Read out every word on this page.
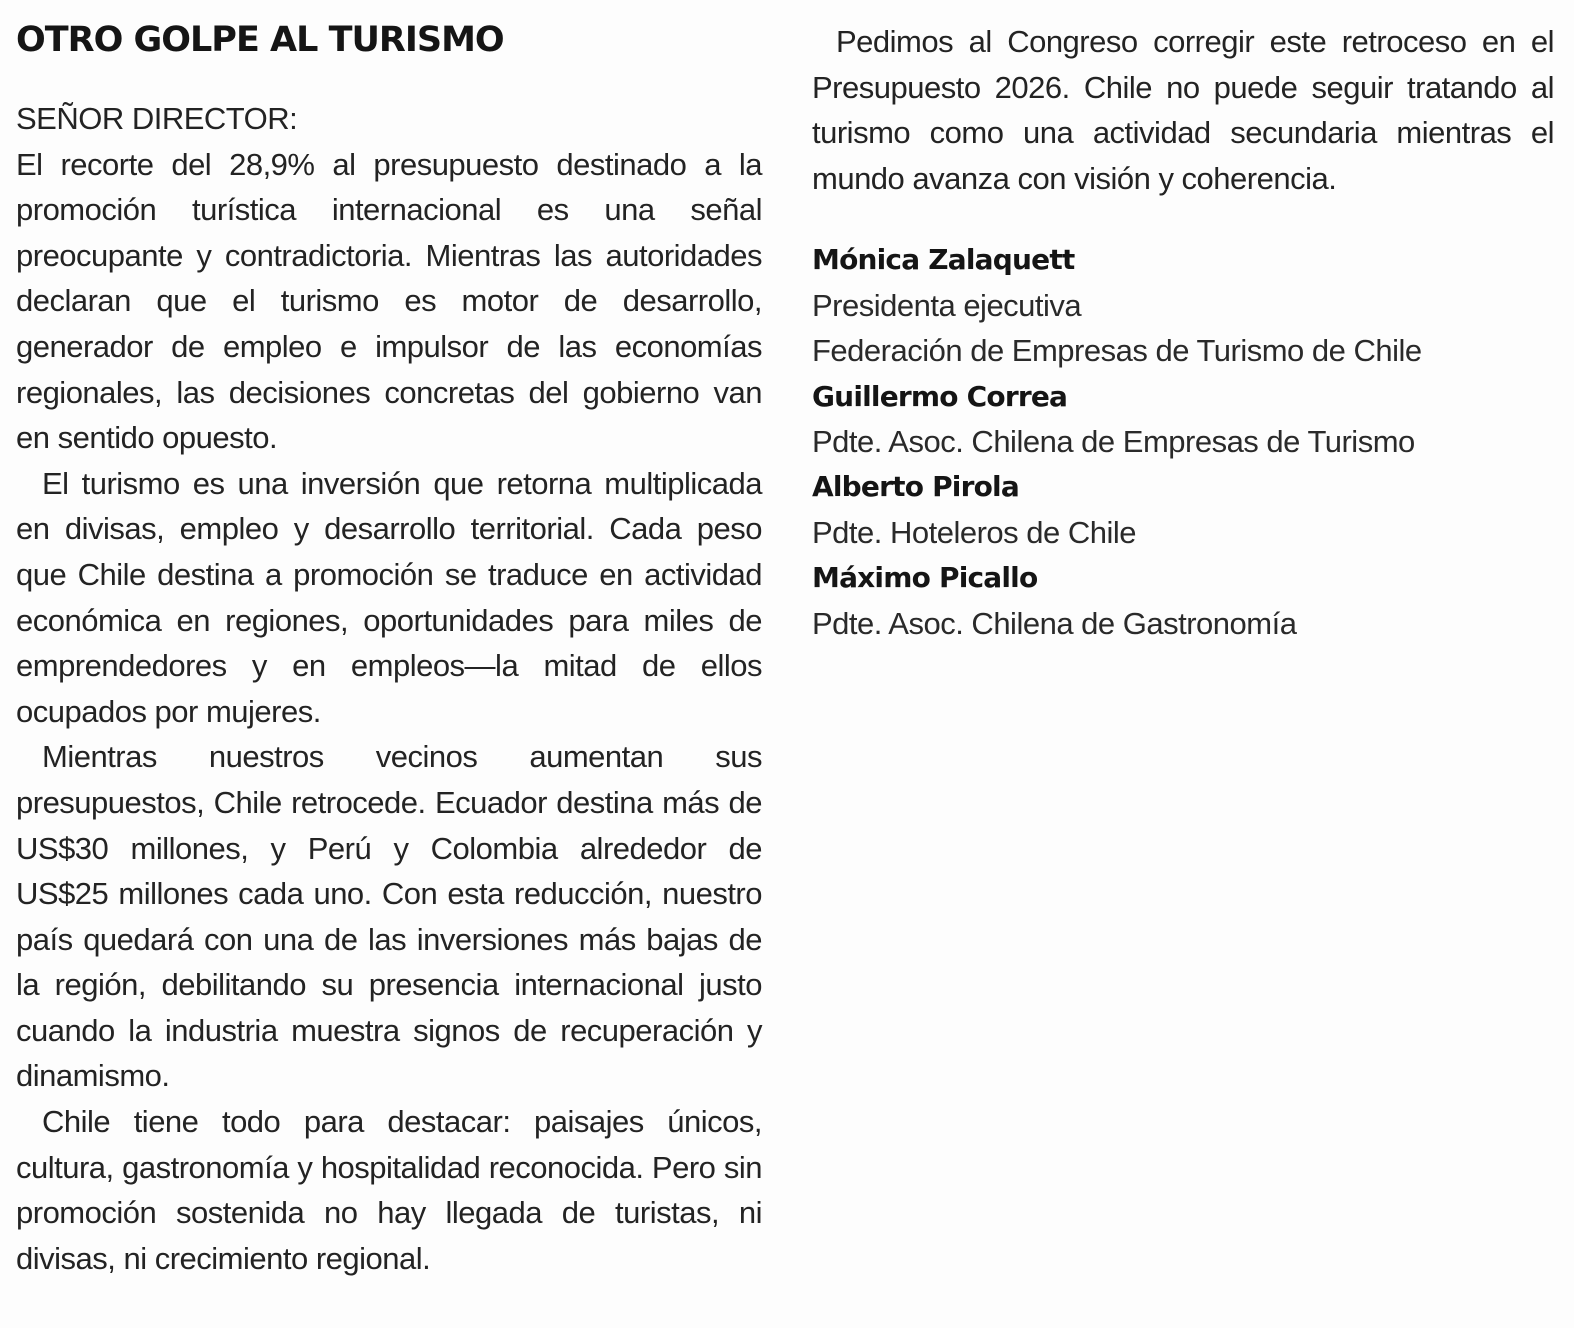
OTRO GOLPE AL TURISMO

SEÑOR DIRECTOR:

El recorte del 28,9% al presupuesto destinado a la promoción turística internacional es una señal preocupante y contradictoria. Mientras las autoridades declaran que el turismo es motor de desarrollo, generador de empleo e impulsor de las economías regionales, las decisiones concretas del gobierno van en sentido opuesto.

El turismo es una inversión que retorna multiplicada en divisas, empleo y desarrollo territorial. Cada peso que Chile destina a promoción se traduce en actividad económica en regiones, oportunidades para miles de emprendedores y en empleos—la mitad de ellos ocupados por mujeres.

Mientras nuestros vecinos aumentan sus presupuestos, Chile retrocede. Ecuador destina más de US$30 millones, y Perú y Colombia alrededor de US$25 millones cada uno. Con esta reducción, nuestro país quedará con una de las inversiones más bajas de la región, debilitando su presencia internacional justo cuando la industria muestra signos de recuperación y dinamismo.

Chile tiene todo para destacar: paisajes únicos, cultura, gastronomía y hospitalidad reconocida. Pero sin promoción sostenida no hay llegada de turistas, ni divisas, ni crecimiento regional.

Pedimos al Congreso corregir este retroceso en el Presupuesto 2026. Chile no puede seguir tratando al turismo como una actividad secundaria mientras el mundo avanza con visión y coherencia.

Mónica Zalaquett

Presidenta ejecutiva

Federación de Empresas de Turismo de Chile

Guillermo Correa

Pdte. Asoc. Chilena de Empresas de Turismo

Alberto Pirola

Pdte. Hoteleros de Chile

Máximo Picallo

Pdte. Asoc. Chilena de Gastronomía
